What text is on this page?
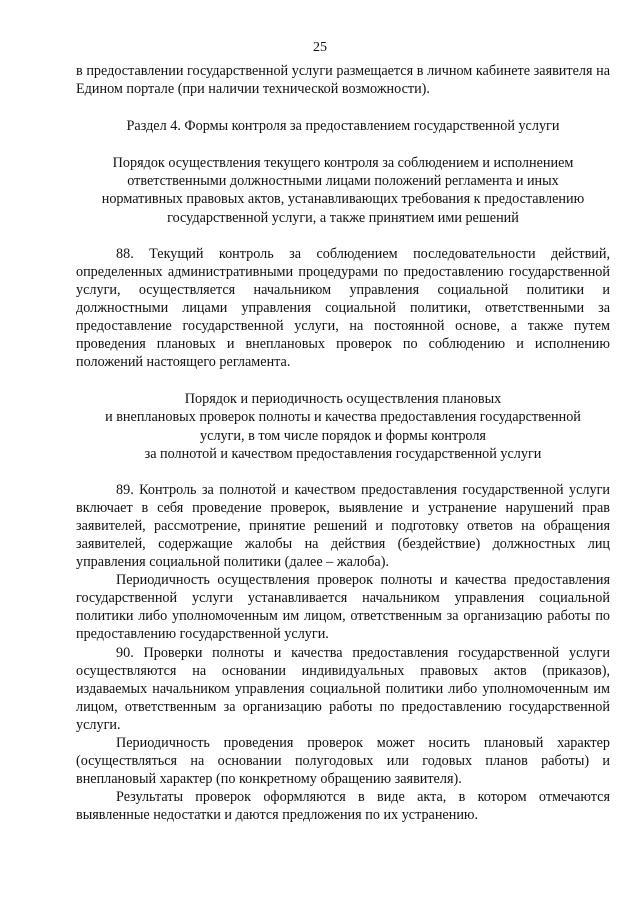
25

в предоставлении государственной услуги размещается в личном кабинете заявителя на Едином портале (при наличии технической возможности).

Раздел 4. Формы контроля за предоставлением государственной услуги

Порядок осуществления текущего контроля за соблюдением и исполнением
ответственными должностными лицами положений регламента и иных
нормативных правовых актов, устанавливающих требования к предоставлению
государственной услуги, а также принятием ими решений

88. Текущий контроль за соблюдением последовательности действий, определенных административными процедурами по предоставлению государственной услуги, осуществляется начальником управления социальной политики и должностными лицами управления социальной политики, ответственными за предоставление государственной услуги, на постоянной основе, а также путем проведения плановых и внеплановых проверок по соблюдению и исполнению положений настоящего регламента.

Порядок и периодичность осуществления плановых
и внеплановых проверок полноты и качества предоставления государственной
услуги, в том числе порядок и формы контроля
за полнотой и качеством предоставления государственной услуги

89. Контроль за полнотой и качеством предоставления государственной услуги включает в себя проведение проверок, выявление и устранение нарушений прав заявителей, рассмотрение, принятие решений и подготовку ответов на обращения заявителей, содержащие жалобы на действия (бездействие) должностных лиц управления социальной политики (далее – жалоба).

Периодичность осуществления проверок полноты и качества предоставления государственной услуги устанавливается начальником управления социальной политики либо уполномоченным им лицом, ответственным за организацию работы по предоставлению государственной услуги.

90. Проверки полноты и качества предоставления государственной услуги осуществляются на основании индивидуальных правовых актов (приказов), издаваемых начальником управления социальной политики либо уполномоченным им лицом, ответственным за организацию работы по предоставлению государственной услуги.

Периодичность проведения проверок может носить плановый характер (осуществляться на основании полугодовых или годовых планов работы) и внеплановый характер (по конкретному обращению заявителя).

Результаты проверок оформляются в виде акта, в котором отмечаются выявленные недостатки и даются предложения по их устранению.
